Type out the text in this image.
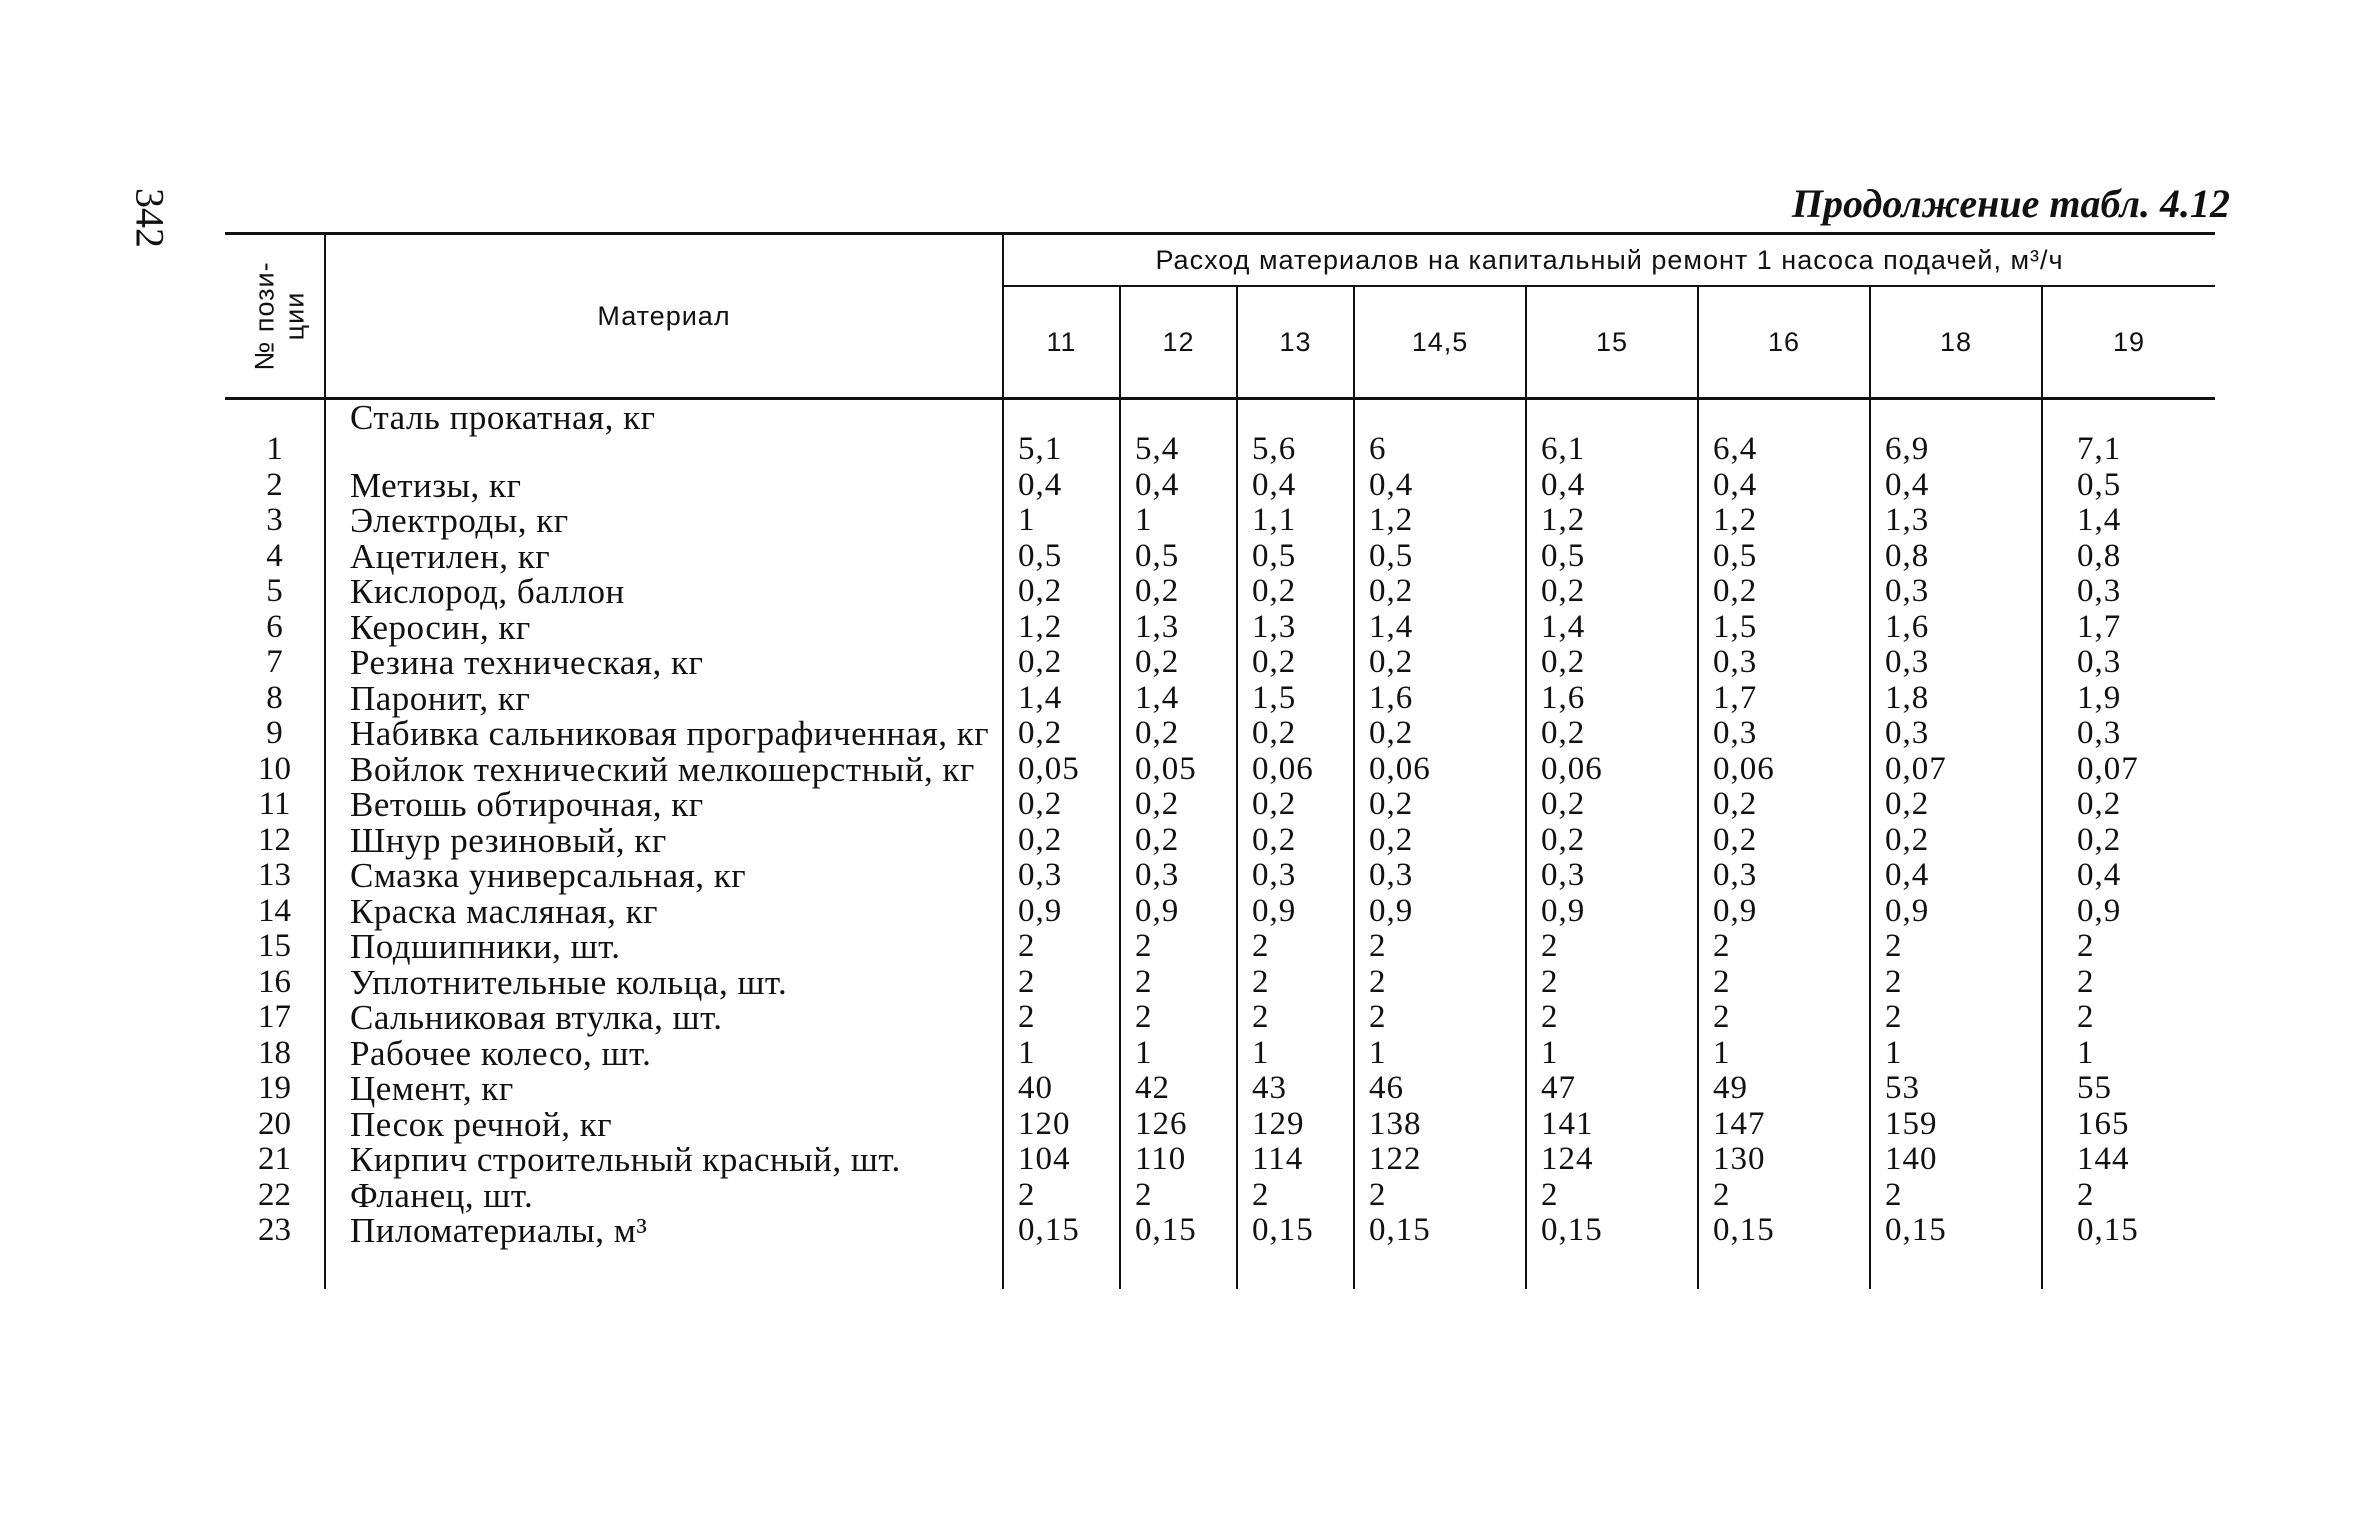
342	Продолжение табл. 4.12
№ пози-
ции	Материал	Расход материалов на капитальный ремонт 1 насоса подачей, м³/ч							
		11	12	13	14,5	15	16	18	19
1	Сталь прокатная, кг	5,1	5,4	5,6	6	6,1	6,4	6,9	7,1
2	Метизы, кг	0,4	0,4	0,4	0,4	0,4	0,4	0,4	0,5
3	Электроды, кг	1	1	1,1	1,2	1,2	1,2	1,3	1,4
4	Ацетилен, кг	0,5	0,5	0,5	0,5	0,5	0,5	0,8	0,8
5	Кислород, баллон	0,2	0,2	0,2	0,2	0,2	0,2	0,3	0,3
6	Керосин, кг	1,2	1,3	1,3	1,4	1,4	1,5	1,6	1,7
7	Резина техническая, кг	0,2	0,2	0,2	0,2	0,2	0,3	0,3	0,3
8	Паронит, кг	1,4	1,4	1,5	1,6	1,6	1,7	1,8	1,9
9	Набивка сальниковая прографиченная, кг	0,2	0,2	0,2	0,2	0,2	0,3	0,3	0,3
10	Войлок технический мелкошерстный, кг	0,05	0,05	0,06	0,06	0,06	0,06	0,07	0,07
11	Ветошь обтирочная, кг	0,2	0,2	0,2	0,2	0,2	0,2	0,2	0,2
12	Шнур резиновый, кг	0,2	0,2	0,2	0,2	0,2	0,2	0,2	0,2
13	Смазка универсальная, кг	0,3	0,3	0,3	0,3	0,3	0,3	0,4	0,4
14	Краска масляная, кг	0,9	0,9	0,9	0,9	0,9	0,9	0,9	0,9
15	Подшипники, шт.	2	2	2	2	2	2	2	2
16	Уплотнительные кольца, шт.	2	2	2	2	2	2	2	2
17	Сальниковая втулка, шт.	2	2	2	2	2	2	2	2
18	Рабочее колесо, шт.	1	1	1	1	1	1	1	1
19	Цемент, кг	40	42	43	46	47	49	53	55
20	Песок речной, кг	120	126	129	138	141	147	159	165
21	Кирпич строительный красный, шт.	104	110	114	122	124	130	140	144
22	Фланец, шт.	2	2	2	2	2	2	2	2
23	Пиломатериалы, м³	0,15	0,15	0,15	0,15	0,15	0,15	0,15	0,15
